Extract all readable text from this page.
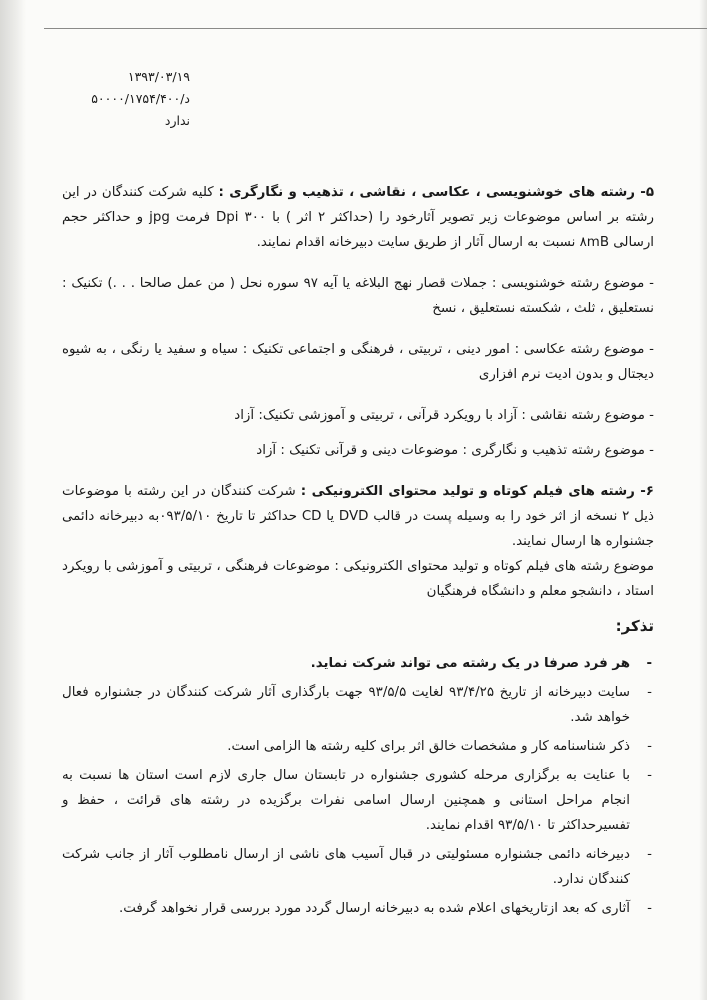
۱۳۹۳/۰۳/۱۹
د/۵۰۰۰۰/۱۷۵۴/۴۰۰
ندارد

۵- رشته های خوشنویسی ، عکاسی ، نقاشی ، تذهیب و نگارگری : کلیه شرکت کنندگان در این رشته بر اساس موضوعات زیر تصویر آثارخود را (حداکثر ۲ اثر ) با ۳۰۰ Dpi فرمت jpg و حداکثر حجم ارسالی ۸mB نسبت به ارسال آثار از طریق سایت دبیرخانه اقدام نمایند.

- موضوع رشته خوشنویسی : جملات قصار نهج البلاغه یا آیه ۹۷ سوره نحل ( من عمل صالحا . . .) تکنیک : نستعلیق ، ثلث ، شکسته نستعلیق ، نسخ

- موضوع رشته عکاسی : امور دینی ، تربیتی ، فرهنگی و اجتماعی تکنیک : سیاه و سفید یا رنگی ، به شیوه دیجتال و بدون ادیت نرم افزاری

- موضوع رشته نقاشی : آزاد با رویکرد قرآنی ، تربیتی و آموزشی تکنیک: آزاد

- موضوع رشته تذهیب و نگارگری : موضوعات دینی و قرآنی تکنیک : آزاد

۶- رشته های فیلم کوتاه و تولید محتوای الکترونیکی : شرکت کنندگان در این رشته با موضوعات ذیل ۲ نسخه از اثر خود را به وسیله پست در قالب DVD یا CD حداکثر تا تاریخ ۰۹۳/۵/۱۰به دبیرخانه دائمی جشنواره ها ارسال نمایند.

موضوع رشته های فیلم کوتاه و تولید محتوای الکترونیکی : موضوعات فرهنگی ، تربیتی و آموزشی با رویکرد استاد ، دانشجو معلم و دانشگاه فرهنگیان

تذکر:
-
هر فرد صرفا در یک رشته می تواند شرکت نماید.
-
سایت دبیرخانه از تاریخ ۹۳/۴/۲۵ لغایت ۹۳/۵/۵ جهت بارگذاری آثار شرکت کنندگان در جشنواره فعال خواهد شد.
-
ذکر شناسنامه کار و مشخصات خالق اثر برای کلیه رشته ها الزامی است.
-
با عنایت به برگزاری مرحله کشوری جشنواره در تابستان سال جاری لازم است استان ها نسبت به انجام مراحل استانی و همچنین ارسال اسامی نفرات برگزیده در رشته های قرائت ، حفظ و تفسیرحداکثر تا ۹۳/۵/۱۰ اقدام نمایند.
-
دبیرخانه دائمی جشنواره مسئولیتی در قبال آسیب های ناشی از ارسال نامطلوب آثار از جانب شرکت کنندگان ندارد.
-
آثاری که بعد ازتاریخهای اعلام شده به دبیرخانه ارسال گردد مورد بررسی قرار نخواهد گرفت.
